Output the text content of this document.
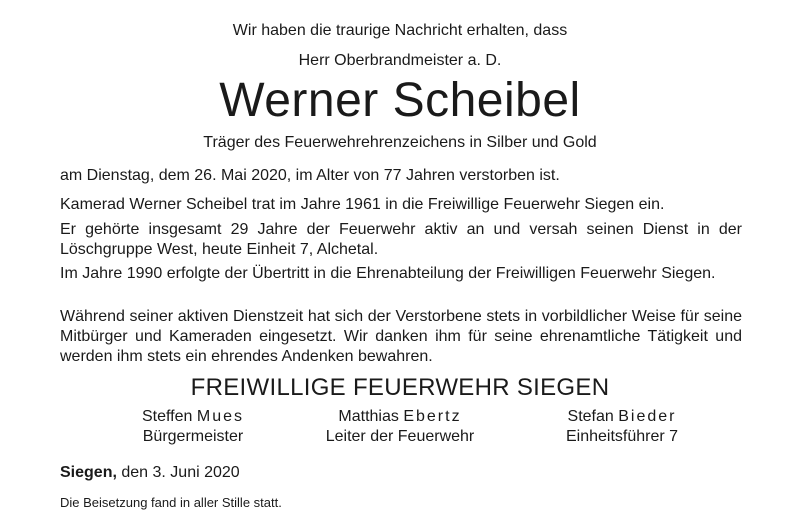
Wir haben die traurige Nachricht erhalten, dass
Herr Oberbrandmeister a. D.
Werner Scheibel
Träger des Feuerwehrehrenzeichens in Silber und Gold
am Dienstag, dem 26. Mai 2020, im Alter von 77 Jahren verstorben ist.
Kamerad Werner Scheibel trat im Jahre 1961 in die Freiwillige Feuerwehr Siegen ein.
Er gehörte insgesamt 29 Jahre der Feuerwehr aktiv an und versah seinen Dienst in der Löschgruppe West, heute Einheit 7, Alchetal.
Im Jahre 1990 erfolgte der Übertritt in die Ehrenabteilung der Freiwilligen Feuerwehr Siegen.
Während seiner aktiven Dienstzeit hat sich der Verstorbene stets in vorbildlicher Weise für seine Mitbürger und Kameraden eingesetzt. Wir danken ihm für seine ehrenamtliche Tätigkeit und werden ihm stets ein ehrendes Andenken bewahren.
FREIWILLIGE FEUERWEHR SIEGEN
Steffen Mues
Bürgermeister
Matthias Ebertz
Leiter der Feuerwehr
Stefan Bieder
Einheitsführer 7
Siegen, den 3. Juni 2020
Die Beisetzung fand in aller Stille statt.
